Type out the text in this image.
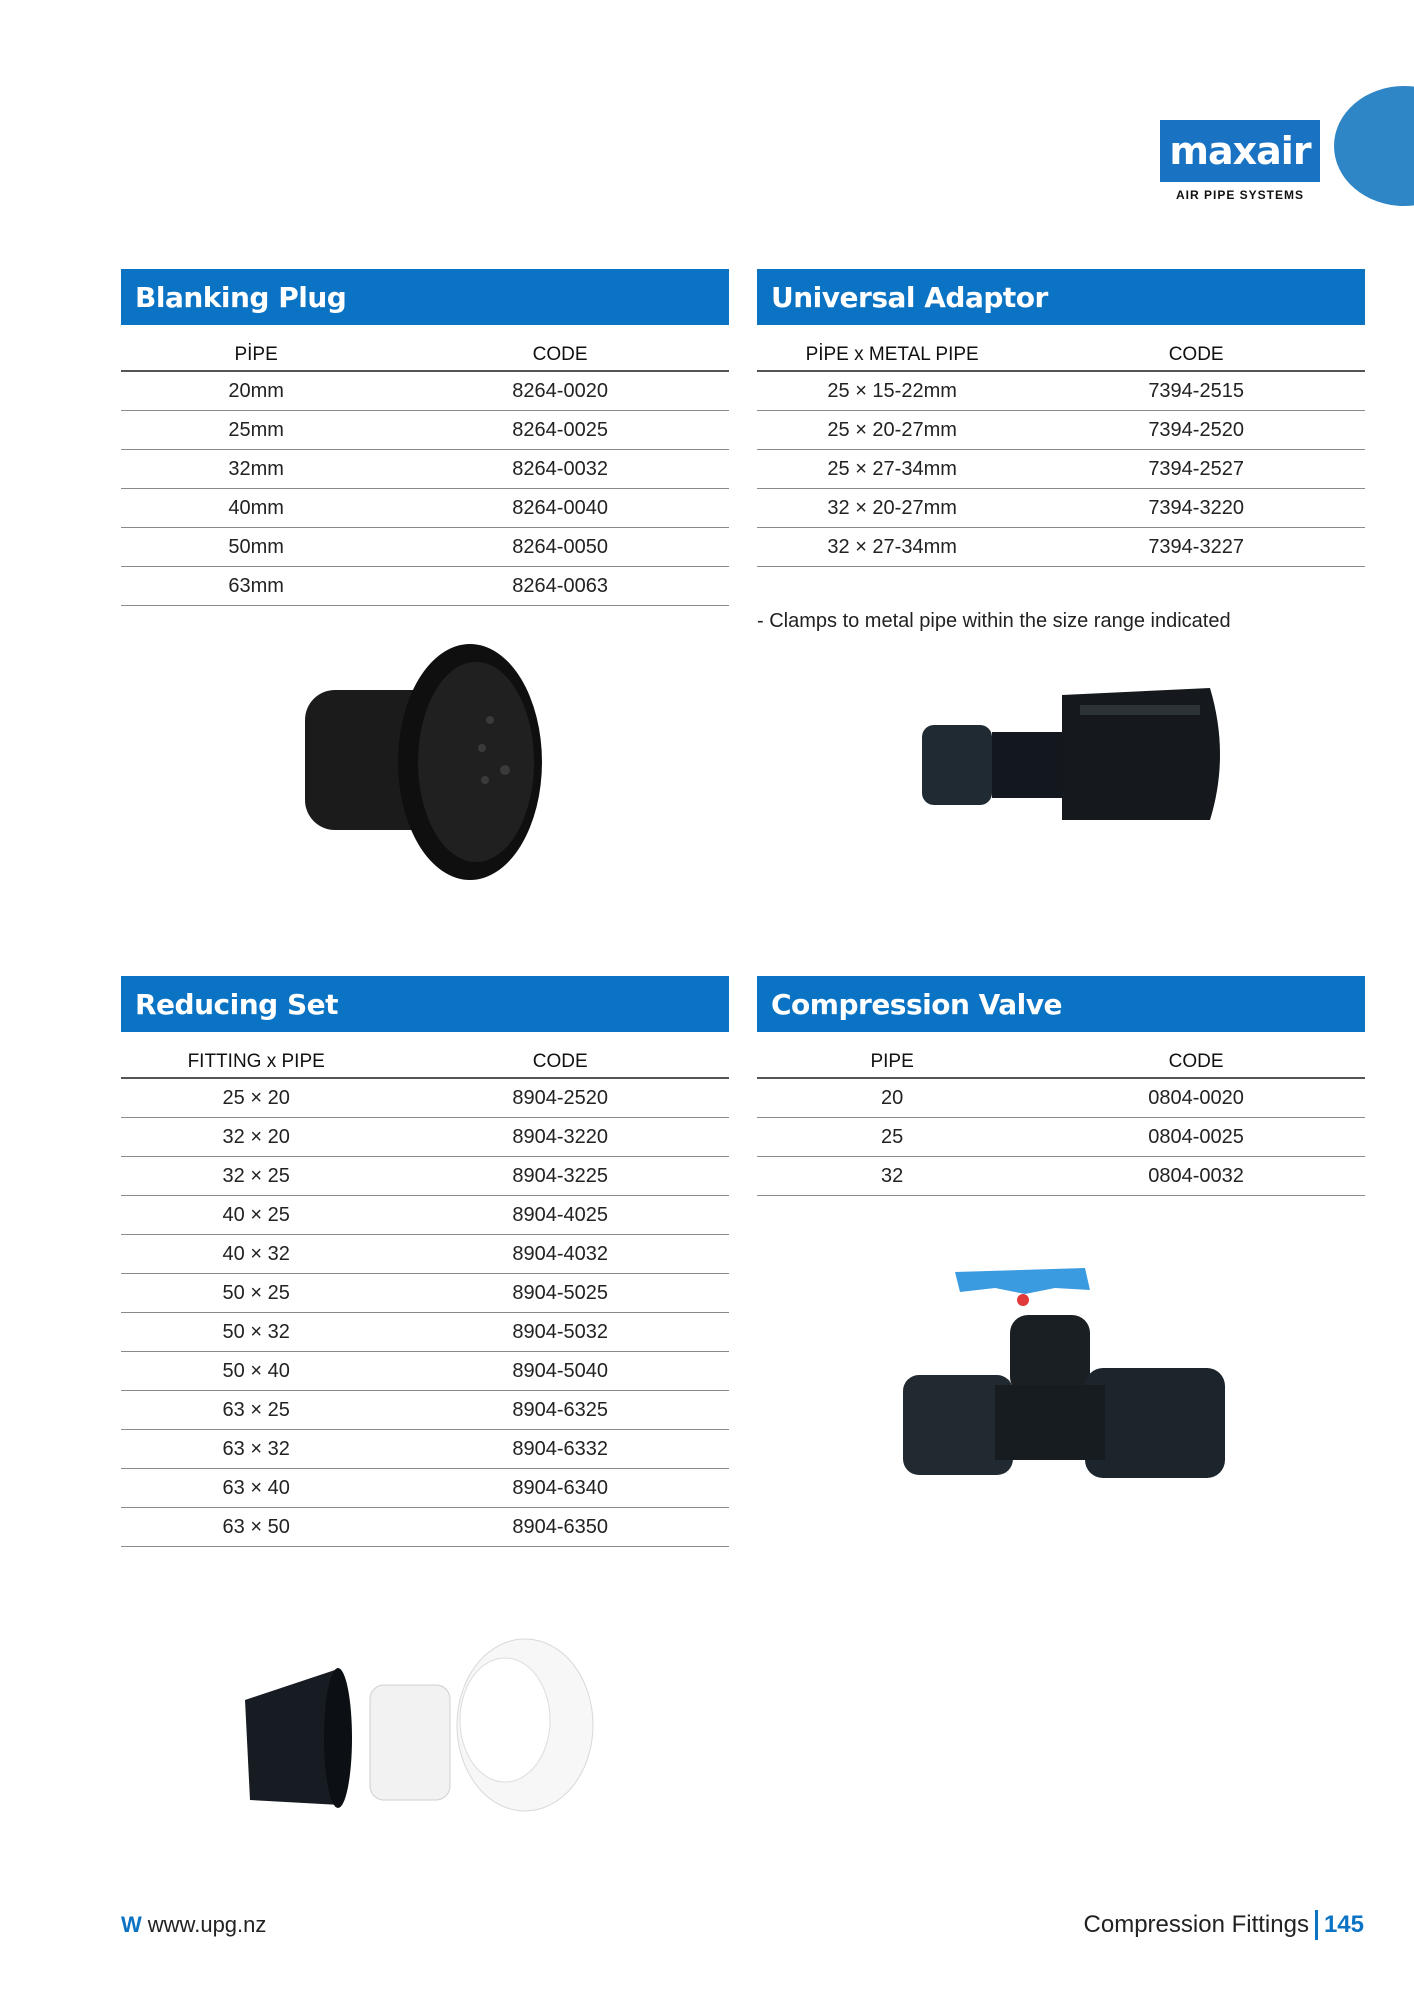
maxair
AIR PIPE SYSTEMS
Blanking Plug
PİPE	CODE
20mm	8264-0020
25mm	8264-0025
32mm	8264-0032
40mm	8264-0040
50mm	8264-0050
63mm	8264-0063
Universal Adaptor
PİPE x METAL PIPE	CODE
25 × 15-22mm	7394-2515
25 × 20-27mm	7394-2520
25 × 27-34mm	7394-2527
32 × 20-27mm	7394-3220
32 × 27-34mm	7394-3227
- Clamps to metal pipe within the size range indicated
Reducing Set
FITTING x PIPE	CODE
25 × 20	8904-2520
32 × 20	8904-3220
32 × 25	8904-3225
40 × 25	8904-4025
40 × 32	8904-4032
50 × 25	8904-5025
50 × 32	8904-5032
50 × 40	8904-5040
63 × 25	8904-6325
63 × 32	8904-6332
63 × 40	8904-6340
63 × 50	8904-6350
Compression Valve
PIPE	CODE
20	0804-0020
25	0804-0025
32	0804-0032
W www.upg.nz	Compression Fittings 145
